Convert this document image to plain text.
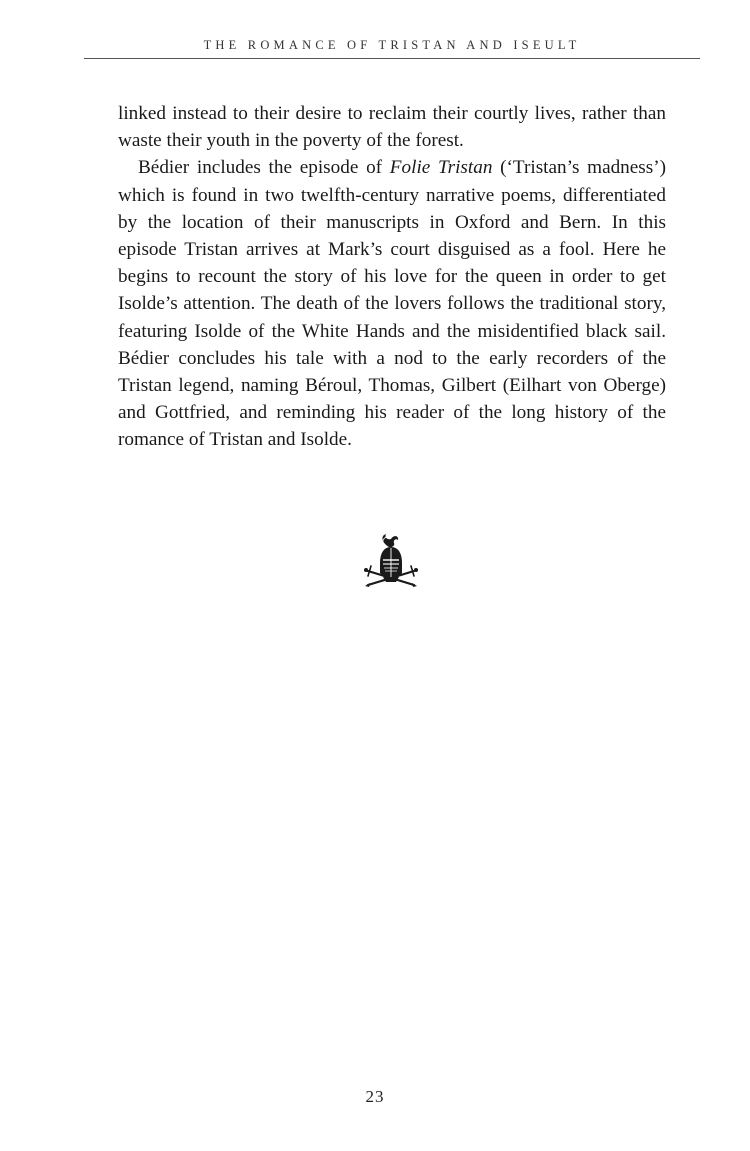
THE ROMANCE OF TRISTAN AND ISEULT

linked instead to their desire to reclaim their courtly lives, rather than waste their youth in the poverty of the forest.

Bédier includes the episode of Folie Tristan (‘Tristan’s madness’) which is found in two twelfth-century narrative poems, differentiated by the location of their manuscripts in Oxford and Bern. In this episode Tristan arrives at Mark’s court disguised as a fool. Here he begins to recount the story of his love for the queen in order to get Isolde’s attention. The death of the lovers follows the traditional story, featuring Isolde of the White Hands and the misidentified black sail. Bédier concludes his tale with a nod to the early recorders of the Tristan legend, naming Béroul, Thomas, Gilbert (Eilhart von Oberge) and Gottfried, and reminding his reader of the long history of the romance of Tristan and Isolde.

23
